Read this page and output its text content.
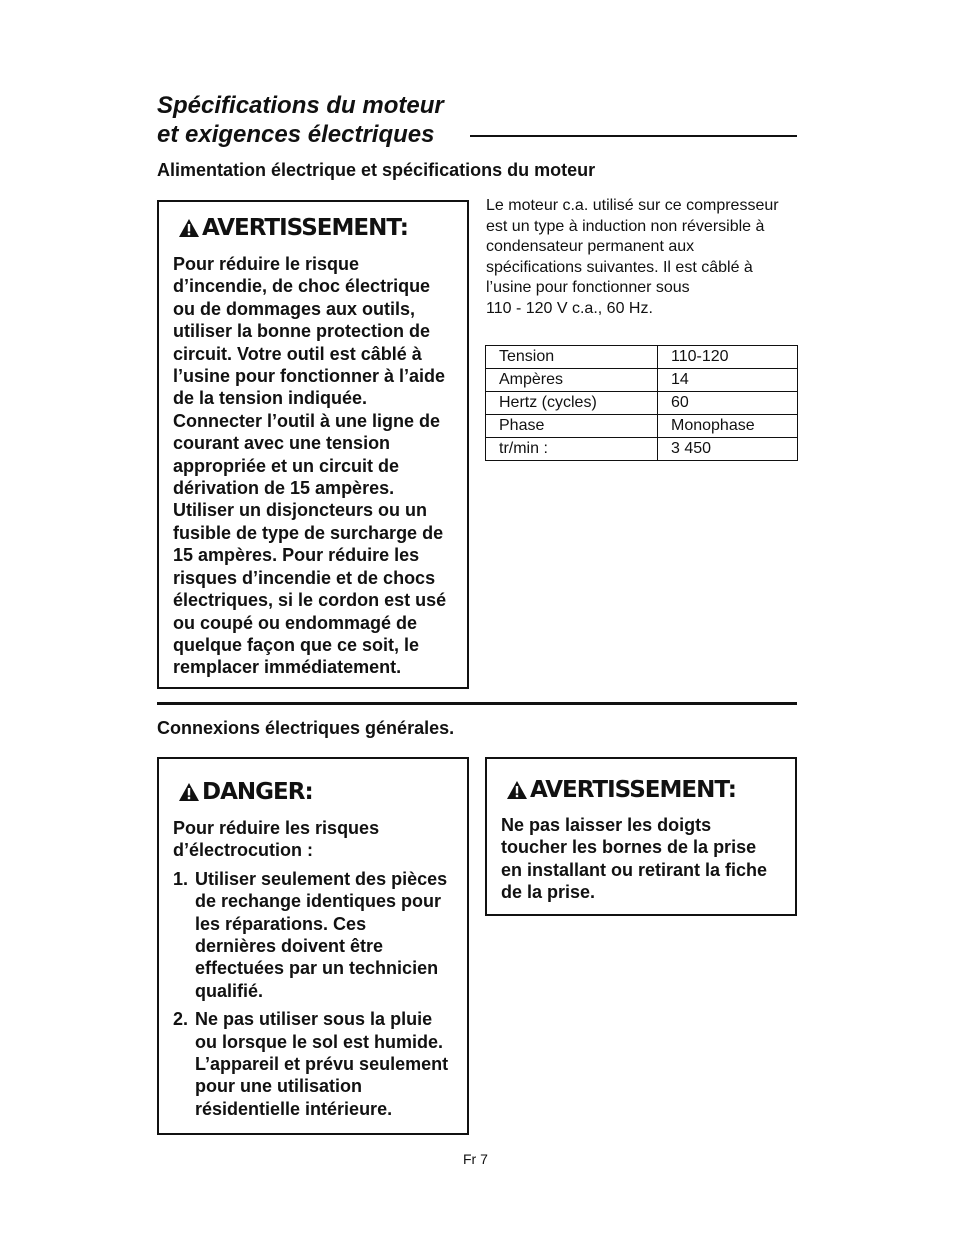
Spécifications du moteur
et exigences électriques
Alimentation électrique et spécifications du moteur
AVERTISSEMENT:

Pour réduire le risque

d’incendie, de choc électrique

ou de dommages aux outils,

utiliser la bonne protection de

circuit. Votre outil est câblé à

l’usine pour fonctionner à l’aide

de la tension indiquée.

Connecter l’outil à une ligne de

courant avec une tension

appropriée et un circuit de

dérivation de 15 ampères.

Utiliser un disjoncteurs ou un

fusible de type de surcharge de

15 ampères. Pour réduire les

risques d’incendie et de chocs

électriques, si le cordon est usé

ou coupé ou endommagé de

quelque façon que ce soit, le

remplacer immédiatement.

Le moteur c.a. utilisé sur ce compresseur
est un type à induction non réversible à
condensateur permanent aux
spécifications suivantes. Il est câblé à
l’usine pour fonctionner sous
110 - 120 V c.a., 60 Hz.
Tension	110-120
Ampères	14
Hertz (cycles)	60
Phase	Monophase
tr/min :	3 450
Connexions électriques générales.
DANGER:

Pour réduire les risques

d’électrocution :

1. Utiliser seulement des pièces

de rechange identiques pour

les réparations. Ces

dernières doivent être

effectuées par un technicien

qualifié.

2. Ne pas utiliser sous la pluie

ou lorsque le sol est humide.

L’appareil et prévu seulement

pour une utilisation

résidentielle intérieure.

AVERTISSEMENT:

Ne pas laisser les doigts

toucher les bornes de la prise

en installant ou retirant la fiche

de la prise.

Fr 7
